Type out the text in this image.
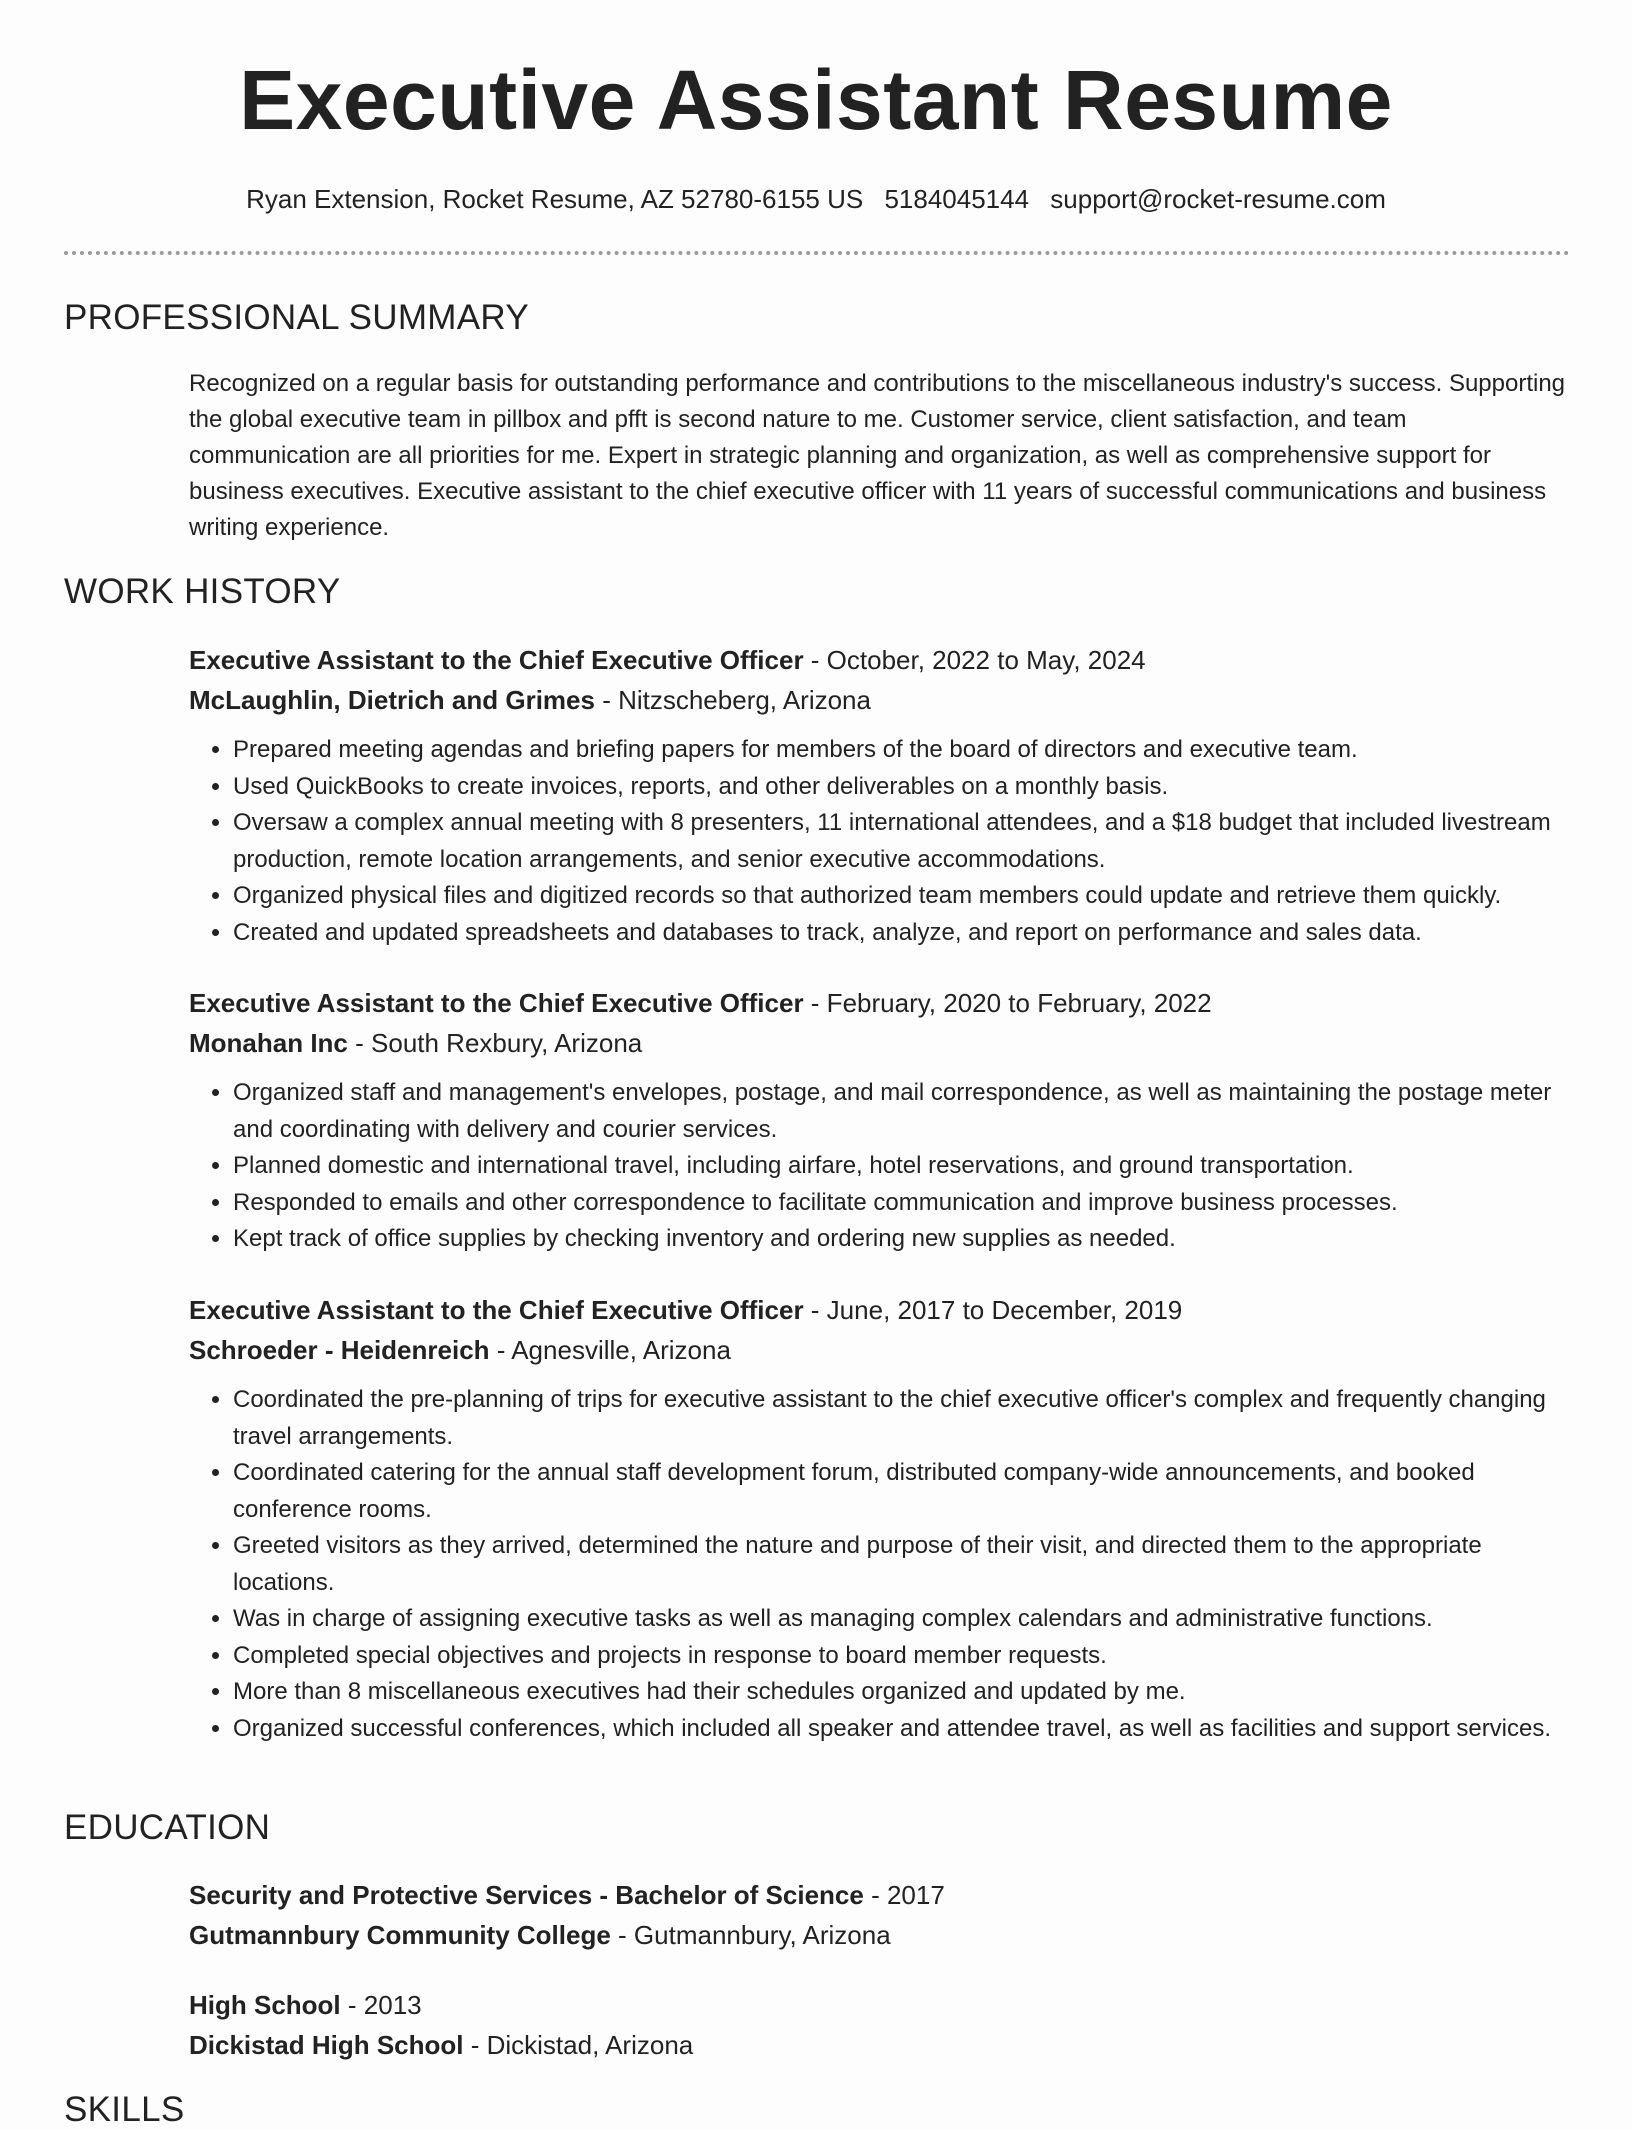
Executive Assistant Resume
Ryan Extension, Rocket Resume, AZ 52780-6155 US 5184045144 support@rocket-resume.com
PROFESSIONAL SUMMARY

Recognized on a regular basis for outstanding performance and contributions to the miscellaneous industry's success. Supporting the global executive team in pillbox and pfft is second nature to me. Customer service, client satisfaction, and team communication are all priorities for me. Expert in strategic planning and organization, as well as comprehensive support for business executives. Executive assistant to the chief executive officer with 11 years of successful communications and business writing experience.

WORK HISTORY
Executive Assistant to the Chief Executive Officer - October, 2022 to May, 2024
McLaughlin, Dietrich and Grimes - Nitzscheberg, Arizona
• Prepared meeting agendas and briefing papers for members of the board of directors and executive team.
• Used QuickBooks to create invoices, reports, and other deliverables on a monthly basis.
• Oversaw a complex annual meeting with 8 presenters, 11 international attendees, and a $18 budget that included livestream production, remote location arrangements, and senior executive accommodations.
• Organized physical files and digitized records so that authorized team members could update and retrieve them quickly.
• Created and updated spreadsheets and databases to track, analyze, and report on performance and sales data.
Executive Assistant to the Chief Executive Officer - February, 2020 to February, 2022
Monahan Inc - South Rexbury, Arizona
• Organized staff and management's envelopes, postage, and mail correspondence, as well as maintaining the postage meter and coordinating with delivery and courier services.
• Planned domestic and international travel, including airfare, hotel reservations, and ground transportation.
• Responded to emails and other correspondence to facilitate communication and improve business processes.
• Kept track of office supplies by checking inventory and ordering new supplies as needed.
Executive Assistant to the Chief Executive Officer - June, 2017 to December, 2019
Schroeder - Heidenreich - Agnesville, Arizona
• Coordinated the pre-planning of trips for executive assistant to the chief executive officer's complex and frequently changing travel arrangements.
• Coordinated catering for the annual staff development forum, distributed company-wide announcements, and booked conference rooms.
• Greeted visitors as they arrived, determined the nature and purpose of their visit, and directed them to the appropriate locations.
• Was in charge of assigning executive tasks as well as managing complex calendars and administrative functions.
• Completed special objectives and projects in response to board member requests.
• More than 8 miscellaneous executives had their schedules organized and updated by me.
• Organized successful conferences, which included all speaker and attendee travel, as well as facilities and support services.
EDUCATION
Security and Protective Services - Bachelor of Science - 2017
Gutmannbury Community College - Gutmannbury, Arizona
High School - 2013
Dickistad High School - Dickistad, Arizona
SKILLS
